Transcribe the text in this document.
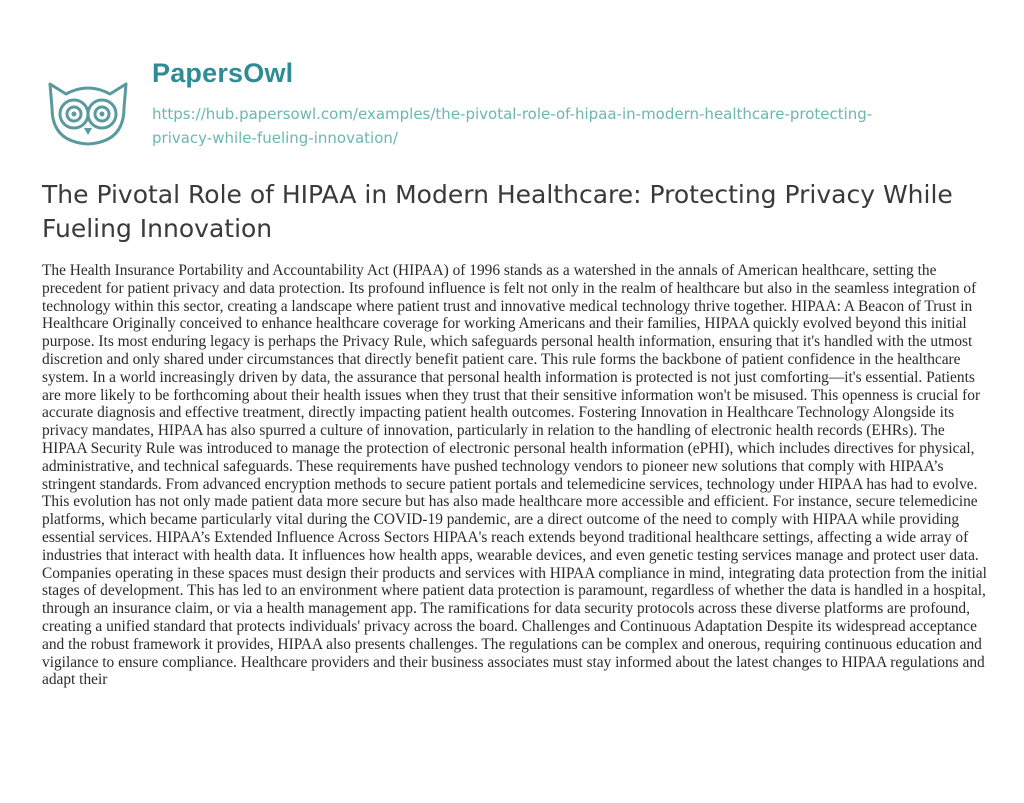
PapersOwl
https://hub.papersowl.com/examples/the-pivotal-role-of-hipaa-in-modern-healthcare-protecting-privacy-while-fueling-innovation/
The Pivotal Role of HIPAA in Modern Healthcare: Protecting Privacy While Fueling Innovation

The Health Insurance Portability and Accountability Act (HIPAA) of 1996 stands as a watershed in the annals of American healthcare, setting the precedent for patient privacy and data protection. Its profound influence is felt not only in the realm of healthcare but also in the seamless integration of technology within this sector, creating a landscape where patient trust and innovative medical technology thrive together. HIPAA: A Beacon of Trust in Healthcare Originally conceived to enhance healthcare coverage for working Americans and their families, HIPAA quickly evolved beyond this initial purpose. Its most enduring legacy is perhaps the Privacy Rule, which safeguards personal health information, ensuring that it's handled with the utmost discretion and only shared under circumstances that directly benefit patient care. This rule forms the backbone of patient confidence in the healthcare system. In a world increasingly driven by data, the assurance that personal health information is protected is not just comforting—it's essential. Patients are more likely to be forthcoming about their health issues when they trust that their sensitive information won't be misused. This openness is crucial for accurate diagnosis and effective treatment, directly impacting patient health outcomes. Fostering Innovation in Healthcare Technology Alongside its privacy mandates, HIPAA has also spurred a culture of innovation, particularly in relation to the handling of electronic health records (EHRs). The HIPAA Security Rule was introduced to manage the protection of electronic personal health information (ePHI), which includes directives for physical, administrative, and technical safeguards. These requirements have pushed technology vendors to pioneer new solutions that comply with HIPAA’s stringent standards. From advanced encryption methods to secure patient portals and telemedicine services, technology under HIPAA has had to evolve. This evolution has not only made patient data more secure but has also made healthcare more accessible and efficient. For instance, secure telemedicine platforms, which became particularly vital during the COVID-19 pandemic, are a direct outcome of the need to comply with HIPAA while providing essential services. HIPAA’s Extended Influence Across Sectors HIPAA's reach extends beyond traditional healthcare settings, affecting a wide array of industries that interact with health data. It influences how health apps, wearable devices, and even genetic testing services manage and protect user data. Companies operating in these spaces must design their products and services with HIPAA compliance in mind, integrating data protection from the initial stages of development. This has led to an environment where patient data protection is paramount, regardless of whether the data is handled in a hospital, through an insurance claim, or via a health management app. The ramifications for data security protocols across these diverse platforms are profound, creating a unified standard that protects individuals' privacy across the board. Challenges and Continuous Adaptation Despite its widespread acceptance and the robust framework it provides, HIPAA also presents challenges. The regulations can be complex and onerous, requiring continuous education and vigilance to ensure compliance. Healthcare providers and their business associates must stay informed about the latest changes to HIPAA regulations and adapt their
